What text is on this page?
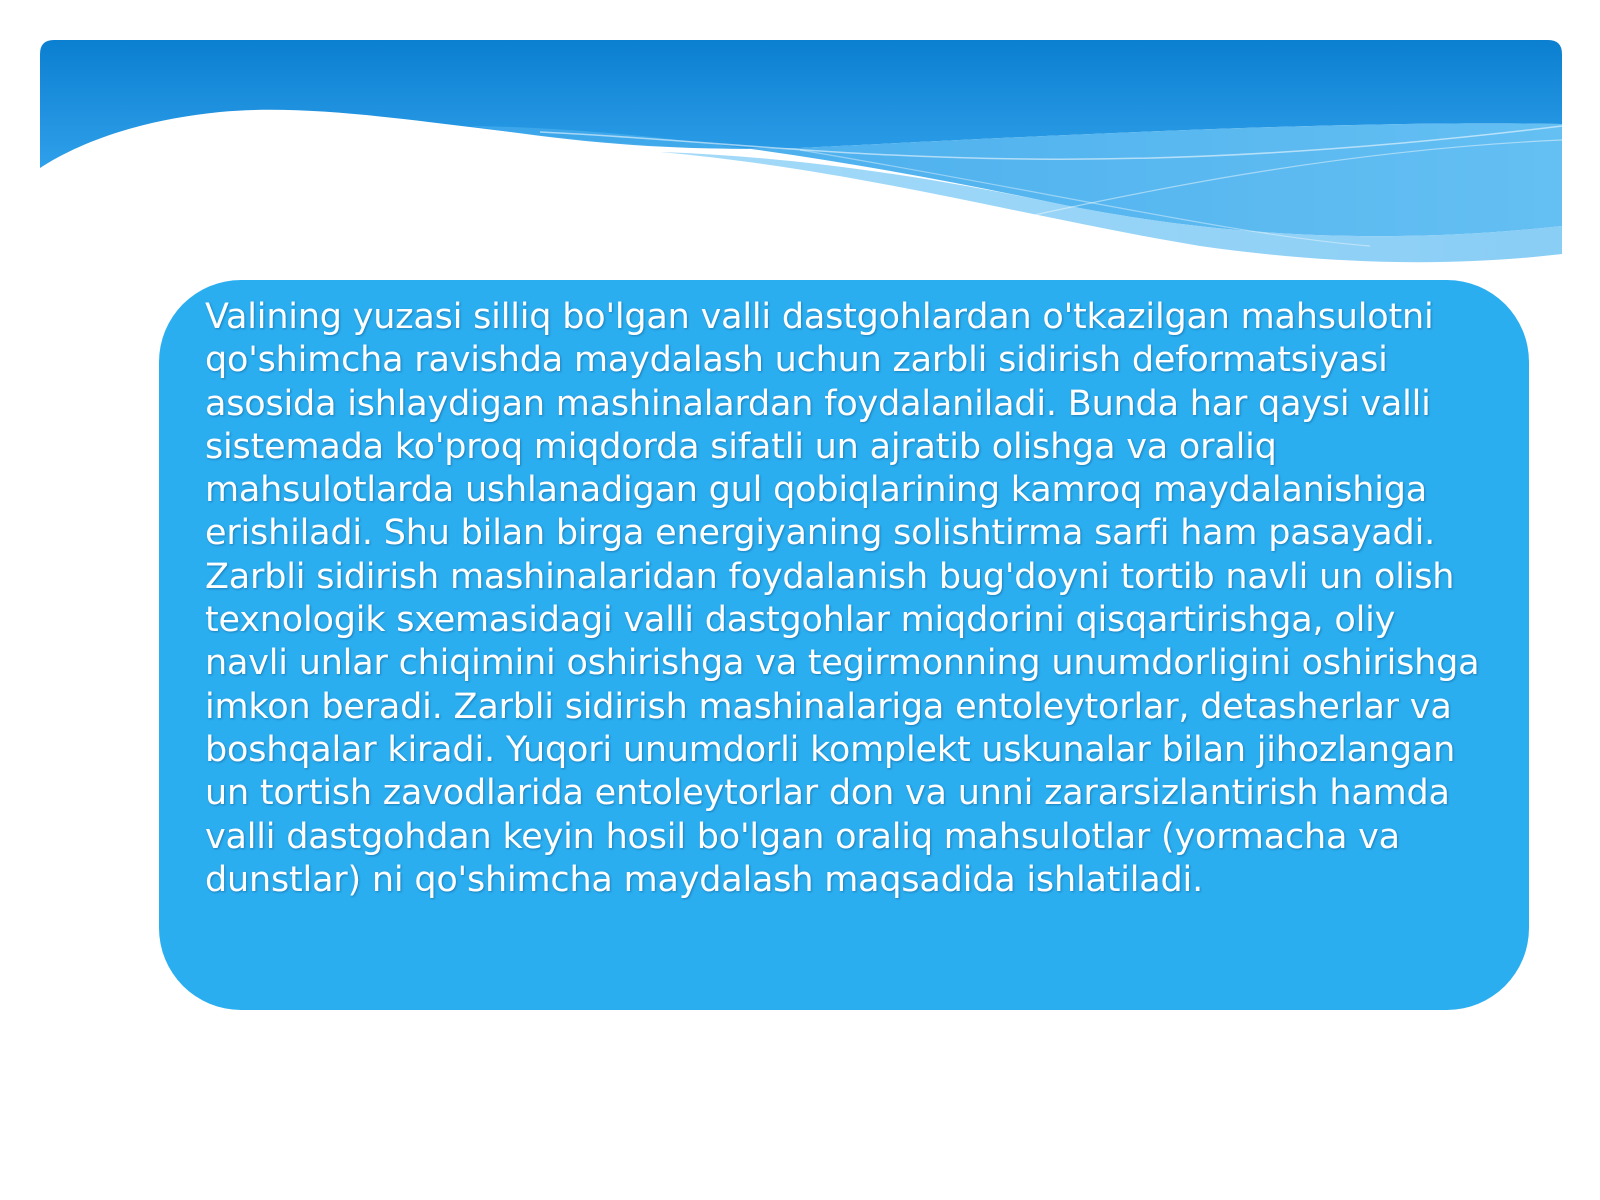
Valining yuzasi silliq bo'lgan valli dastgohlardan o'tkazilgan mahsulotni qo'shimcha ravishda maydalash uchun zarbli sidirish deformatsiyasi asosida ishlaydigan mashinalardan foydalaniladi. Bunda har qaysi valli sistemada ko'proq miqdorda sifatli un ajratib olishga va oraliq mahsulotlarda ushlanadigan gul qobiqlarining kamroq maydalanishiga erishiladi. Shu bilan birga energiyaning solishtirma sarfi ham pasayadi. Zarbli sidirish mashinalaridan foydalanish bug'doyni tortib navli un olish texnologik sxemasidagi valli dastgohlar miqdorini qisqartirishga, oliy navli unlar chiqimini oshirishga va tegirmonning unumdorligini oshirishga imkon beradi. Zarbli sidirish mashinalariga entoleytorlar, detasherlar va boshqalar kiradi. Yuqori unumdorli komplekt uskunalar bilan jihozlangan un tortish zavodlarida entoleytorlar don va unni zararsizlantirish hamda valli dastgohdan keyin hosil bo'lgan oraliq mahsulotlar (yormacha va dunstlar) ni qo'shimcha maydalash maqsadida ishlatiladi.
